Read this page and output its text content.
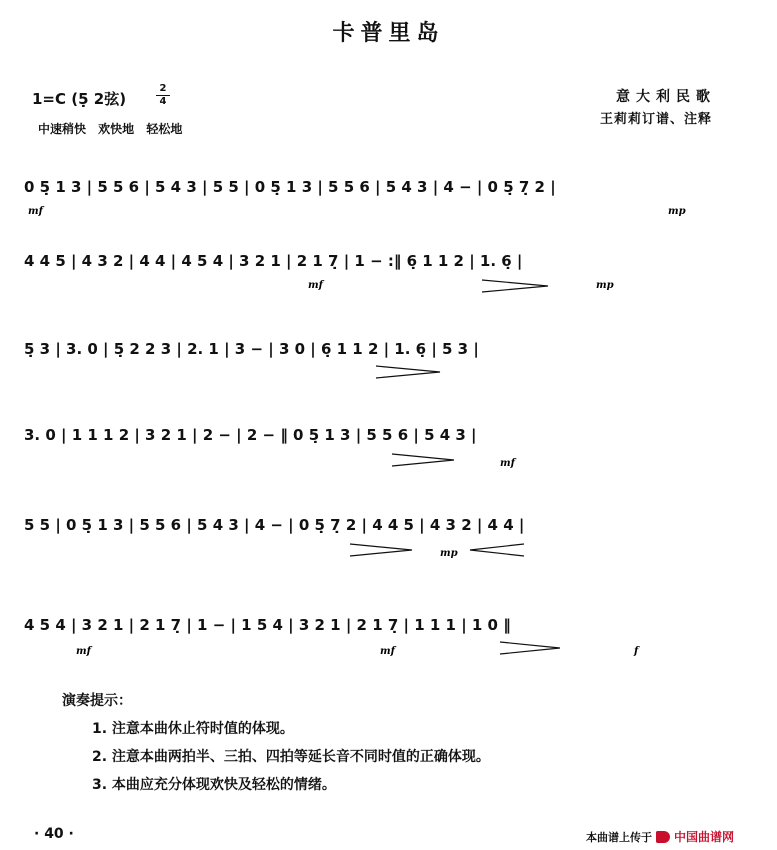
卡普里岛
1=C (5̣ 2弦)
2
4
中速稍快 欢快地 轻松地
意大利民歌
王莉莉订谱、注释
0 5̣ 1 3 | 5 5 6 | 5 4 3 | 5 5 | 0 5̣ 1 3 | 5 5 6 | 5 4 3 | 4 − | 0 5̣ 7̣ 2 |
mf	mp
4 4 5 | 4 3 2 | 4 4 | 4 5 4 | 3 2 1 | 2 1 7̣ | 1 − :‖ 6̣ 1 1 2 | 1. 6̣ |
mf	mp
5̣ 3 | 3. 0 | 5̣ 2 2 3 | 2. 1 | 3 − | 3 0 | 6̣ 1 1 2 | 1. 6̣ | 5 3 |
3. 0 | 1 1 1 2 | 3 2 1 | 2 − | 2 − ‖ 0 5̣ 1 3 | 5 5 6 | 5 4 3 |
mf
5 5 | 0 5̣ 1 3 | 5 5 6 | 5 4 3 | 4 − | 0 5̣ 7̣ 2 | 4 4 5 | 4 3 2 | 4 4 |
mp
4 5 4 | 3 2 1 | 2 1 7̣ | 1 − | 1 5 4 | 3 2 1 | 2 1 7̣ | 1 1 1 | 1 0 ‖
mf	mf	f
演奏提示：
1. 注意本曲休止符时值的体现。
2. 注意本曲两拍半、三拍、四拍等延长音不同时值的正确体现。
3. 本曲应充分体现欢快及轻松的情绪。
· 40 ·	本曲谱上传于 中国曲谱网
